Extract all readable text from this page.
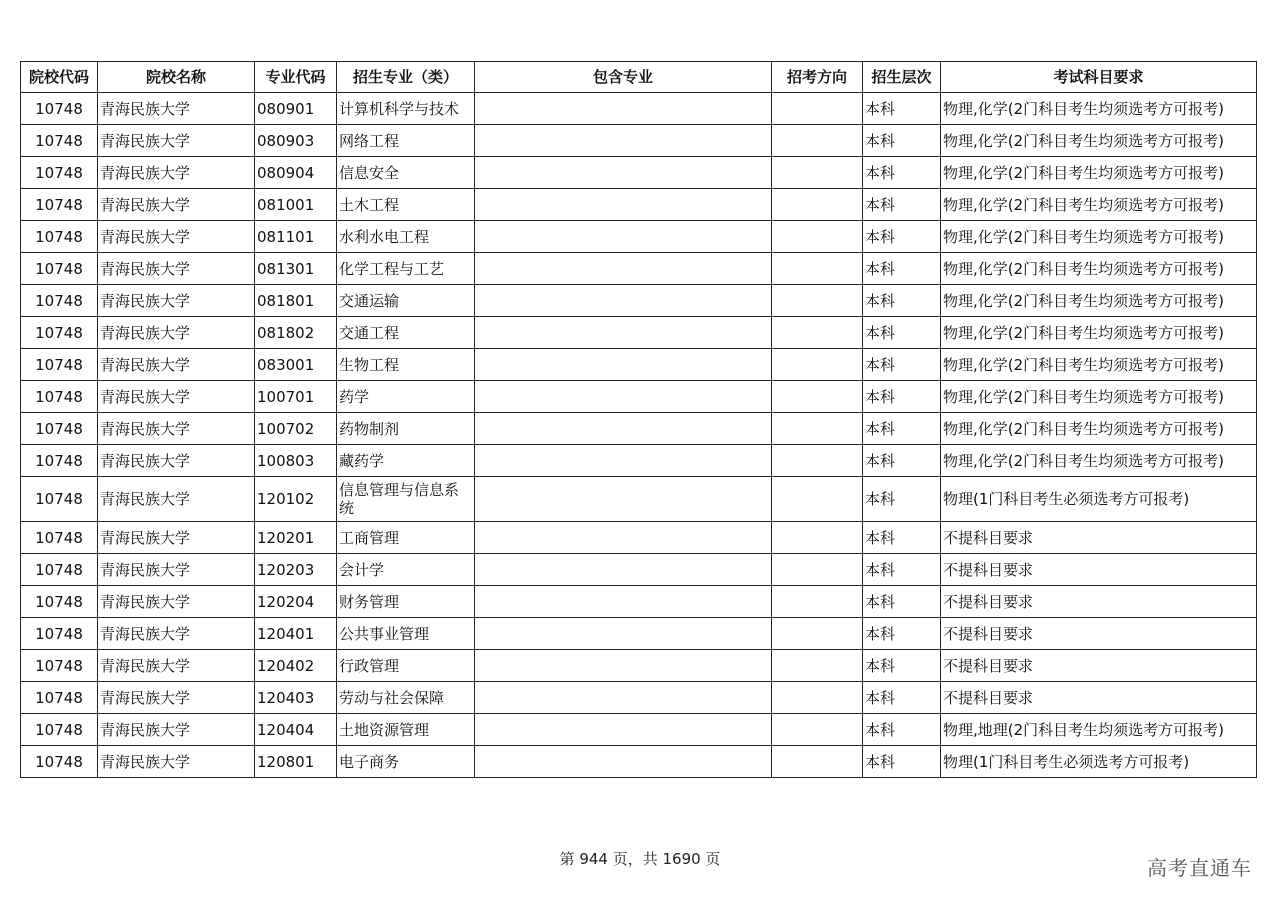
院校代码	院校名称	专业代码	招生专业（类）	包含专业	招考方向	招生层次	考试科目要求
10748	青海民族大学	080901	计算机科学与技术			本科	物理,化学(2门科目考生均须选考方可报考)
10748	青海民族大学	080903	网络工程			本科	物理,化学(2门科目考生均须选考方可报考)
10748	青海民族大学	080904	信息安全			本科	物理,化学(2门科目考生均须选考方可报考)
10748	青海民族大学	081001	土木工程			本科	物理,化学(2门科目考生均须选考方可报考)
10748	青海民族大学	081101	水利水电工程			本科	物理,化学(2门科目考生均须选考方可报考)
10748	青海民族大学	081301	化学工程与工艺			本科	物理,化学(2门科目考生均须选考方可报考)
10748	青海民族大学	081801	交通运输			本科	物理,化学(2门科目考生均须选考方可报考)
10748	青海民族大学	081802	交通工程			本科	物理,化学(2门科目考生均须选考方可报考)
10748	青海民族大学	083001	生物工程			本科	物理,化学(2门科目考生均须选考方可报考)
10748	青海民族大学	100701	药学			本科	物理,化学(2门科目考生均须选考方可报考)
10748	青海民族大学	100702	药物制剂			本科	物理,化学(2门科目考生均须选考方可报考)
10748	青海民族大学	100803	藏药学			本科	物理,化学(2门科目考生均须选考方可报考)
10748	青海民族大学	120102	信息管理与信息系统			本科	物理(1门科目考生必须选考方可报考)
10748	青海民族大学	120201	工商管理			本科	不提科目要求
10748	青海民族大学	120203	会计学			本科	不提科目要求
10748	青海民族大学	120204	财务管理			本科	不提科目要求
10748	青海民族大学	120401	公共事业管理			本科	不提科目要求
10748	青海民族大学	120402	行政管理			本科	不提科目要求
10748	青海民族大学	120403	劳动与社会保障			本科	不提科目要求
10748	青海民族大学	120404	土地资源管理			本科	物理,地理(2门科目考生均须选考方可报考)
10748	青海民族大学	120801	电子商务			本科	物理(1门科目考生必须选考方可报考)
第 944 页，共 1690 页	高考直通车
